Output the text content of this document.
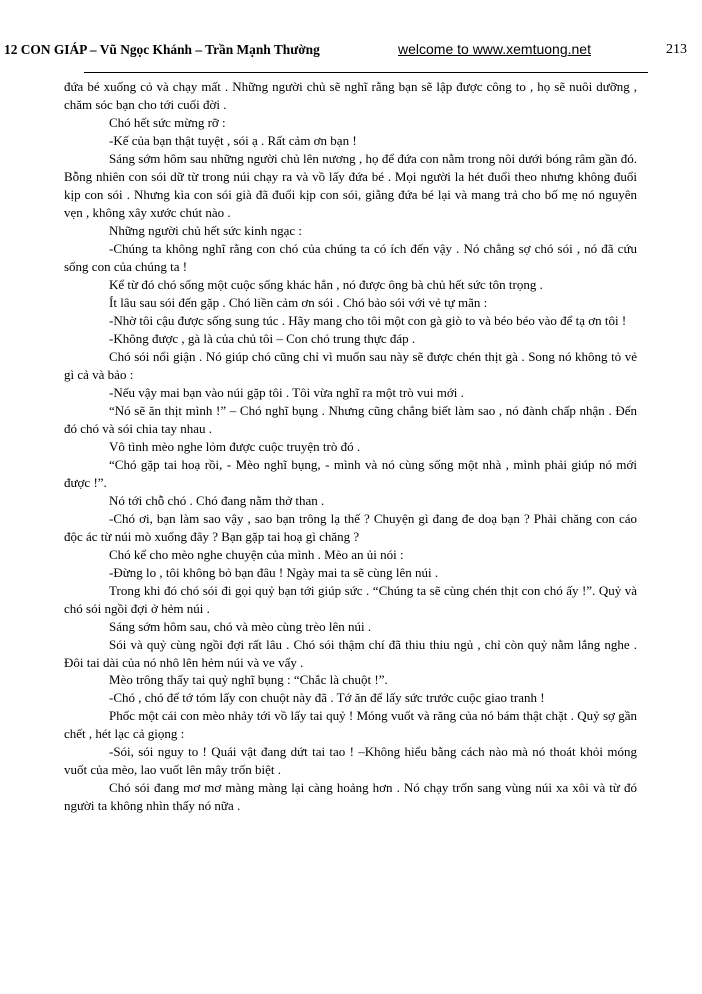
12 CON GIÁP – Vũ Ngọc Khánh – Trần Mạnh Thường	welcome to www.xemtuong.net	213

đứa bé xuống cỏ và chạy mất . Những người chủ sẽ nghĩ rằng bạn sẽ lập được công to , họ sẽ nuôi dưỡng , chăm sóc bạn cho tới cuối đời .

Chó hết sức mừng rỡ :

-Kế của bạn thật tuyệt , sói ạ . Rất cảm ơn bạn !

Sáng sớm hôm sau những người chủ lên nương , họ để đứa con nằm trong nôi dưới bóng râm gần đó. Bỗng nhiên con sói dữ từ trong núi chạy ra và vồ lấy đứa bé . Mọi người la hét đuổi theo nhưng không đuổi kịp con sói . Nhưng kìa con sói già đã đuổi kịp con sói, giằng đứa bé lại và mang trả cho bố mẹ nó nguyên vẹn , không xây xước chút nào .

Những người chủ hết sức kinh ngạc :

-Chúng ta không nghĩ rằng con chó của chúng ta có ích đến vậy . Nó chẳng sợ chó sói , nó đã cứu sống con của chúng ta !

Kể từ đó chó sống một cuộc sống khác hẳn , nó được ông bà chủ hết sức tôn trọng .

Ít lâu sau sói đến gặp . Chó liền cảm ơn sói . Chó bảo sói với vẻ tự mãn :

-Nhờ tôi cậu được sống sung túc . Hãy mang cho tôi một con gà giò to và béo béo vào để tạ ơn tôi !

-Không được , gà là của chủ tôi – Con chó trung thực đáp .

Chó sói nổi giận . Nó giúp chó cũng chỉ vì muốn sau này sẽ được chén thịt gà . Song nó không tỏ vẻ gì cả và bảo :

-Nếu vậy mai bạn vào núi gặp tôi . Tôi vừa nghĩ ra một trò vui mới .

“Nó sẽ ăn thịt mình !” – Chó nghĩ bụng . Nhưng cũng chẳng biết làm sao , nó đành chấp nhận . Đến đó chó và sói chia tay nhau .

Vô tình mèo nghe lỏm được cuộc truyện trò đó .

“Chó gặp tai hoạ rồi, - Mèo nghĩ bụng, - mình và nó cùng sống một nhà , mình phải giúp nó mới được !”.

Nó tới chỗ chó . Chó đang nằm thở than .

-Chó ơi, bạn làm sao vậy , sao bạn trông lạ thế ? Chuyện gì đang đe doạ bạn ? Phải chăng con cáo độc ác từ núi mò xuống đây ? Bạn gặp tai hoạ gì chăng ?

Chó kể cho mèo nghe chuyện của mình . Mèo an ủi nói :

-Đừng lo , tôi không bỏ bạn đâu ! Ngày mai ta sẽ cùng lên núi .

Trong khi đó chó sói đi gọi quỷ bạn tới giúp sức . “Chúng ta sẽ cùng chén thịt con chó ấy !”. Quỷ và chó sói ngồi đợi ở hẻm núi .

Sáng sớm hôm sau, chó và mèo cùng trèo lên núi .

Sói và quỷ cùng ngồi đợi rất lâu . Chó sói thậm chí đã thiu thiu ngủ , chỉ còn quỷ nằm lắng nghe . Đôi tai dài của nó nhô lên hẻm núi và ve vẩy .

Mèo trông thấy tai quỷ nghĩ bụng : “Chắc là chuột !”.

-Chó , chó để tớ tóm lấy con chuột này đã . Tớ ăn để lấy sức trước cuộc giao tranh !

Phốc một cái con mèo nhảy tới vồ lấy tai quỷ ! Móng vuốt và răng của nó bám thật chặt . Quỷ sợ gần chết , hét lạc cả giọng :

-Sói, sói nguy to ! Quái vật đang dứt tai tao ! –Không hiểu bằng cách nào mà nó thoát khỏi móng vuốt của mèo, lao vuốt lên mây trốn biệt .

Chó sói đang mơ mơ màng màng lại càng hoảng hơn . Nó chạy trốn sang vùng núi xa xôi và từ đó người ta không nhìn thấy nó nữa .
